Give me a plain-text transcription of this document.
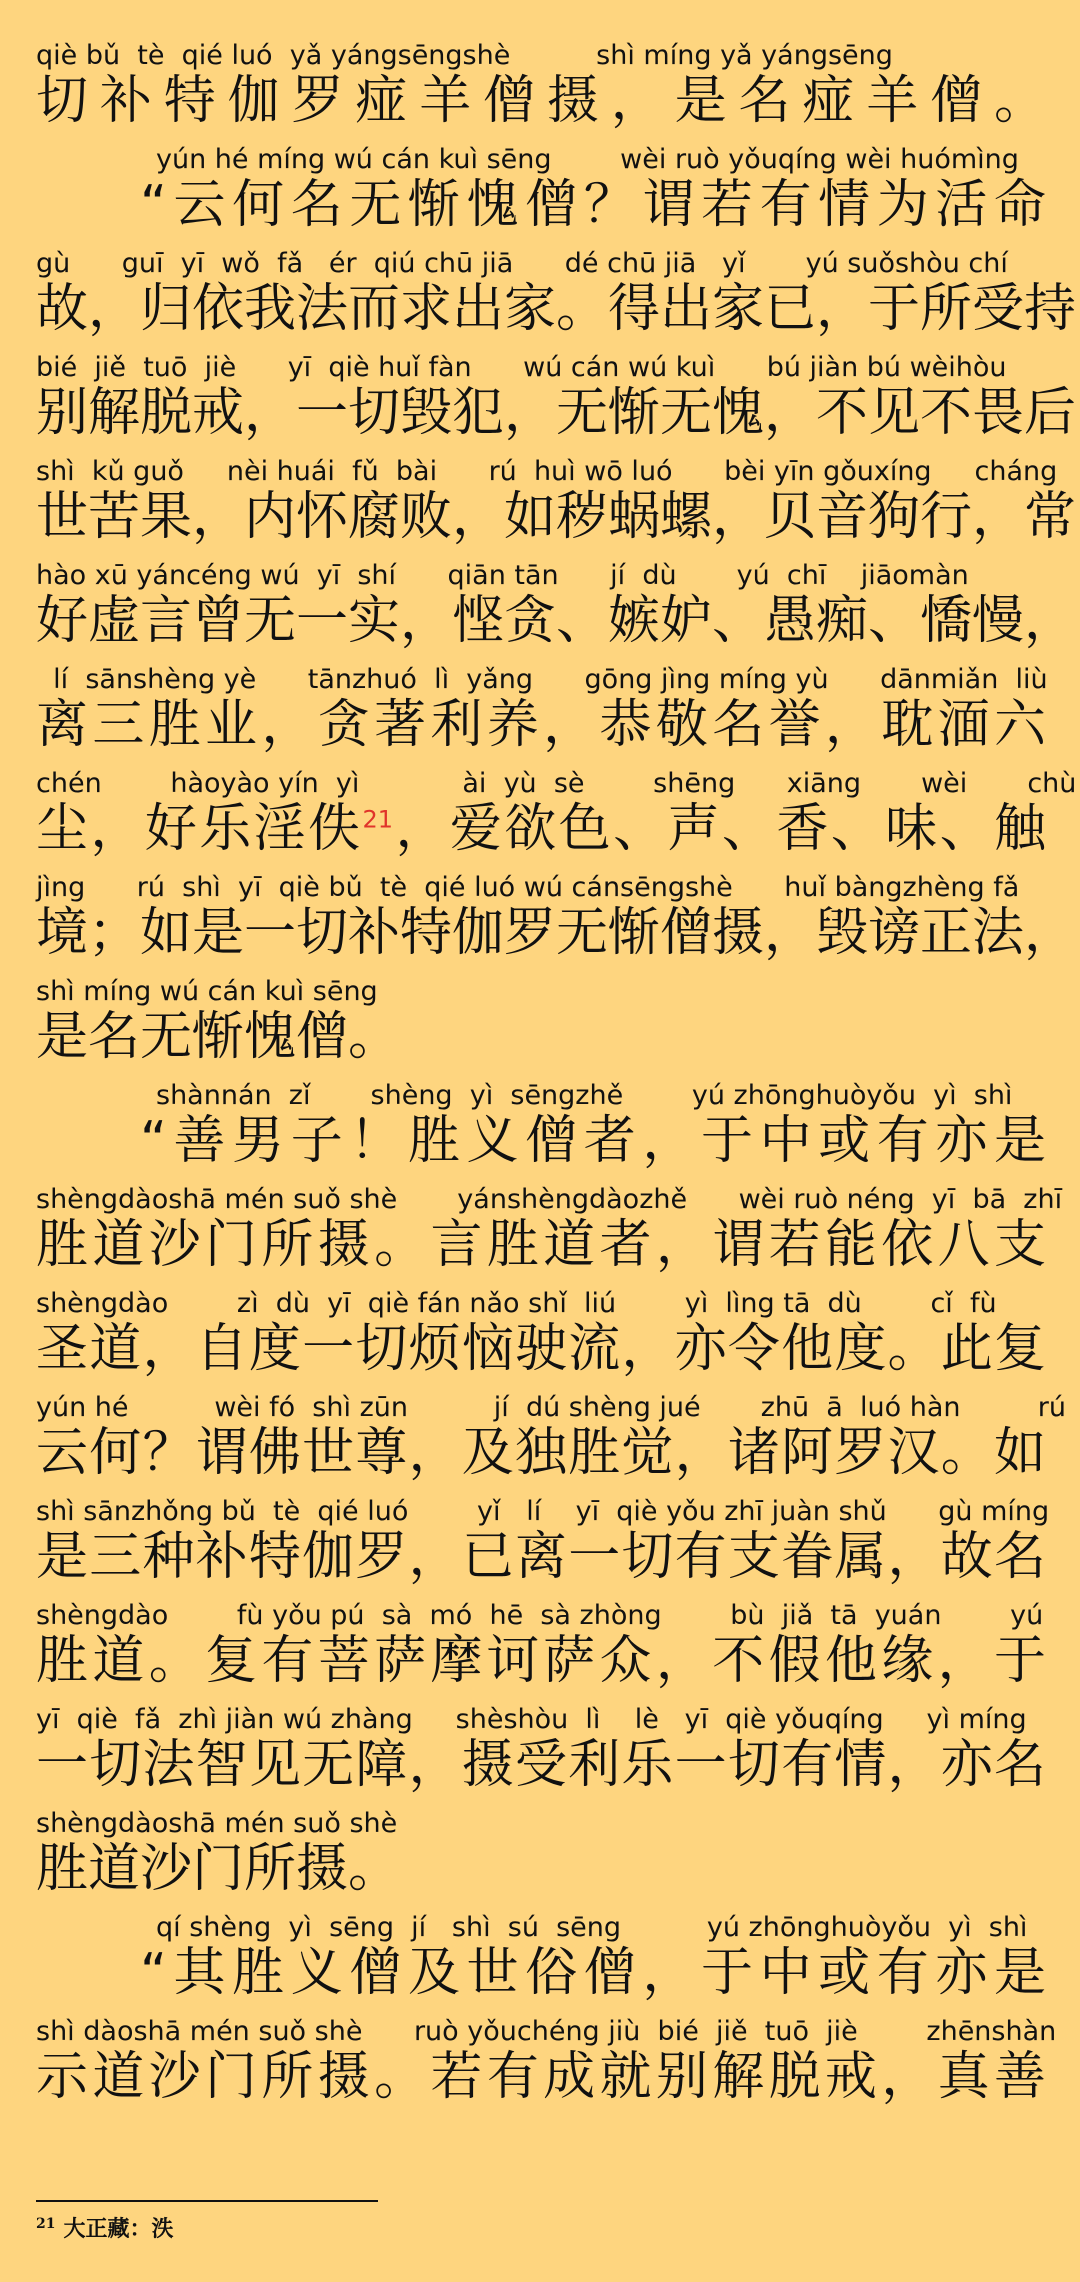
qiè bǔ  tè  qié luó  yǎ yángsēngshè          shì míng yǎ yángsēng
切补特伽罗痖羊僧摄，是名痖羊僧。
yún hé míng wú cán kuì sēng        wèi ruò yǒuqíng wèi huómìng
“云何名无惭愧僧？谓若有情为活命
gù      guī  yī  wǒ  fǎ   ér  qiú chū jiā      dé chū jiā   yǐ       yú suǒshòu chí
故，归依我法而求出家。得出家已，于所受持
bié  jiě  tuō  jiè      yī  qiè huǐ fàn      wú cán wú kuì      bú jiàn bú wèihòu
别解脱戒，一切毁犯，无惭无愧，不见不畏后
shì  kǔ guǒ     nèi huái  fǔ  bài      rú  huì wō luó      bèi yīn gǒuxíng     cháng
世苦果，内怀腐败，如秽蜗螺，贝音狗行，常
hào xū yáncéng wú  yī  shí      qiān tān      jí  dù       yú  chī    jiāomàn
好虚言曾无一实，悭贪、嫉妒、愚痴、憍慢，
lí  sānshèng yè      tānzhuó  lì  yǎng      gōng jìng míng yù      dānmiǎn  liù
离三胜业，贪著利养，恭敬名誉，耽湎六
chén        hàoyào yín  yì            ài  yù  sè        shēng      xiāng       wèi       chù
尘，好乐淫佚$^{21}$，爱欲色、声、香、味、触
jìng      rú  shì  yī  qiè bǔ  tè  qié luó wú cánsēngshè      huǐ bàngzhèng fǎ
境；如是一切补特伽罗无惭僧摄，毁谤正法，
shì míng wú cán kuì sēng
是名无惭愧僧。
shànnán  zǐ       shèng  yì  sēngzhě        yú zhōnghuòyǒu  yì  shì
“善男子！胜义僧者，于中或有亦是
shèngdàoshā mén suǒ shè       yánshèngdàozhě      wèi ruò néng  yī  bā  zhī
胜道沙门所摄。言胜道者，谓若能依八支
shèngdào        zì  dù  yī  qiè fán nǎo shǐ  liú        yì  lìng tā  dù        cǐ  fù
圣道，自度一切烦恼驶流，亦令他度。此复
yún hé          wèi fó  shì zūn          jí  dú shèng jué       zhū  ā  luó hàn         rú
云何？谓佛世尊，及独胜觉，诸阿罗汉。如
shì sānzhǒng bǔ  tè  qié luó        yǐ   lí    yī  qiè yǒu zhī juàn shǔ      gù míng
是三种补特伽罗，已离一切有支眷属，故名
shèngdào        fù yǒu pú  sà  mó  hē  sà zhòng        bù  jiǎ  tā  yuán        yú
胜道。复有菩萨摩诃萨众，不假他缘，于
yī  qiè  fǎ  zhì jiàn wú zhàng     shèshòu  lì    lè   yī  qiè yǒuqíng     yì míng
一切法智见无障，摄受利乐一切有情，亦名
shèngdàoshā mén suǒ shè
胜道沙门所摄。
qí shèng  yì  sēng  jí   shì  sú  sēng          yú zhōnghuòyǒu  yì  shì
“其胜义僧及世俗僧，于中或有亦是
shì dàoshā mén suǒ shè      ruò yǒuchéng jiù  bié  jiě  tuō  jiè        zhēnshàn
示道沙门所摄。若有成就别解脱戒，真善
$^{21}$ 大正藏：泆
